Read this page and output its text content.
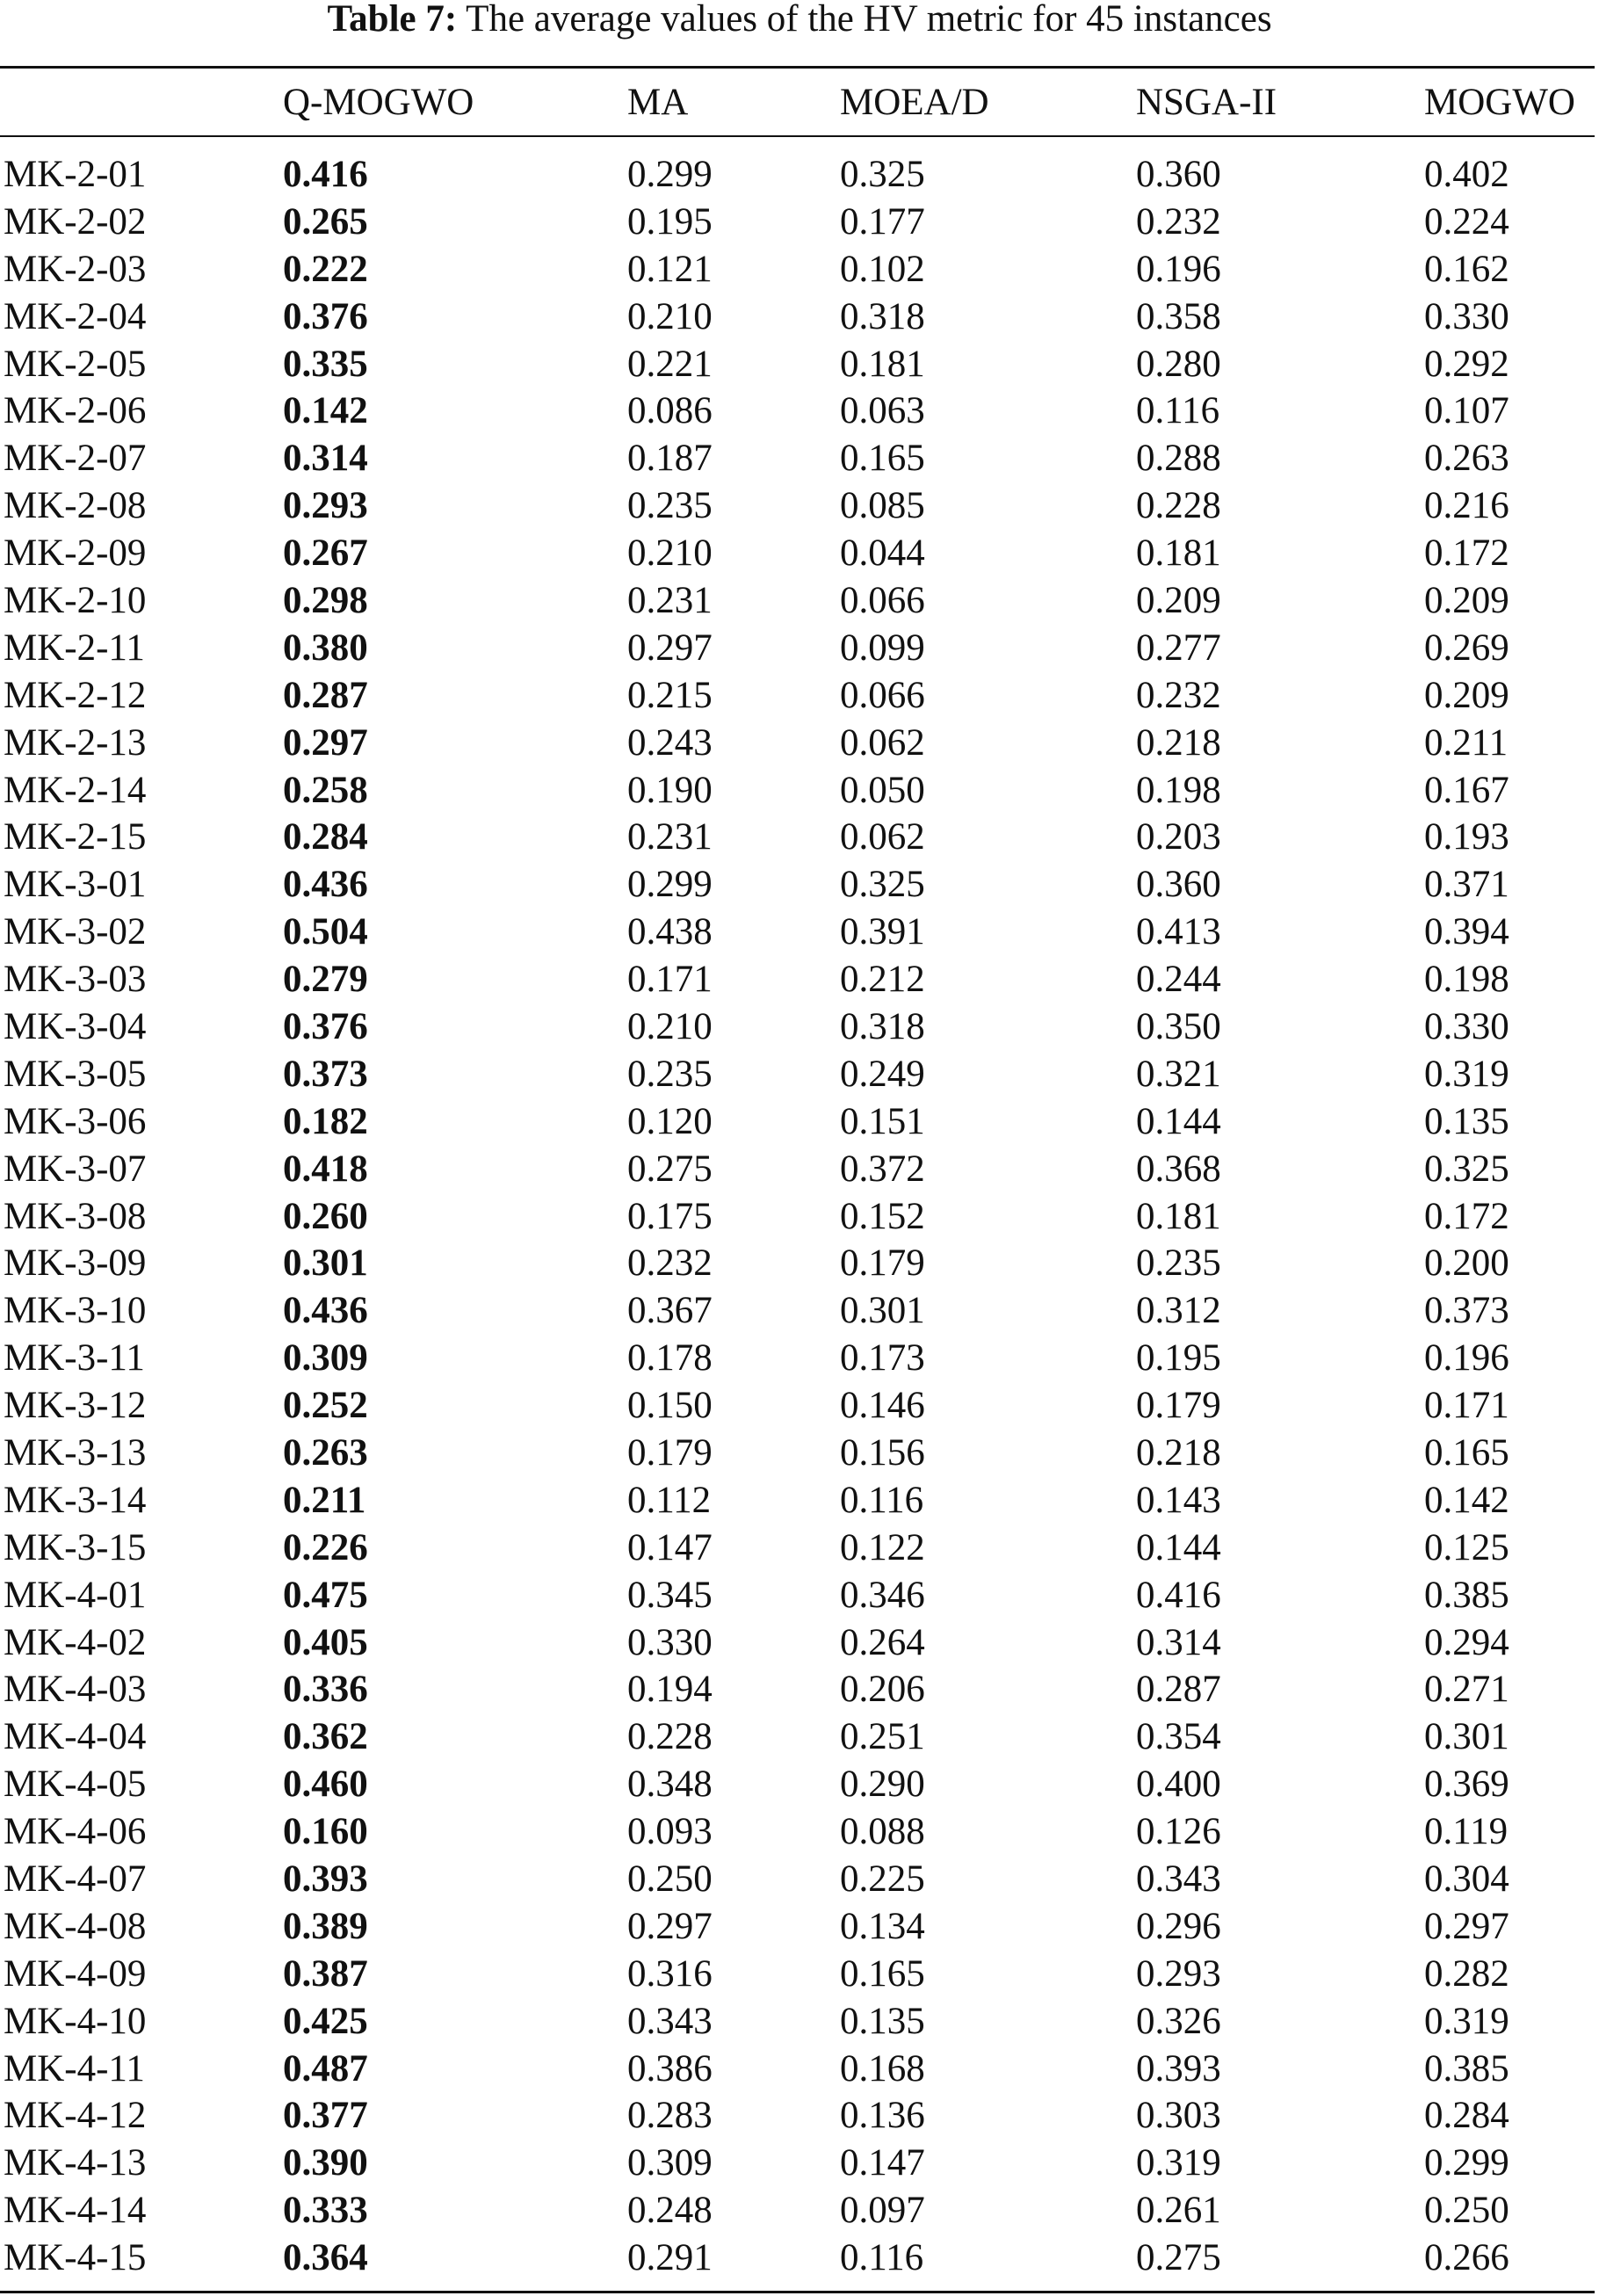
Table 7: The average values of the HV metric for 45 instances
	Q-MOGWO	MA	MOEA/D	NSGA-II	MOGWO
MK-2-01	0.416	0.299	0.325	0.360	0.402
MK-2-02	0.265	0.195	0.177	0.232	0.224
MK-2-03	0.222	0.121	0.102	0.196	0.162
MK-2-04	0.376	0.210	0.318	0.358	0.330
MK-2-05	0.335	0.221	0.181	0.280	0.292
MK-2-06	0.142	0.086	0.063	0.116	0.107
MK-2-07	0.314	0.187	0.165	0.288	0.263
MK-2-08	0.293	0.235	0.085	0.228	0.216
MK-2-09	0.267	0.210	0.044	0.181	0.172
MK-2-10	0.298	0.231	0.066	0.209	0.209
MK-2-11	0.380	0.297	0.099	0.277	0.269
MK-2-12	0.287	0.215	0.066	0.232	0.209
MK-2-13	0.297	0.243	0.062	0.218	0.211
MK-2-14	0.258	0.190	0.050	0.198	0.167
MK-2-15	0.284	0.231	0.062	0.203	0.193
MK-3-01	0.436	0.299	0.325	0.360	0.371
MK-3-02	0.504	0.438	0.391	0.413	0.394
MK-3-03	0.279	0.171	0.212	0.244	0.198
MK-3-04	0.376	0.210	0.318	0.350	0.330
MK-3-05	0.373	0.235	0.249	0.321	0.319
MK-3-06	0.182	0.120	0.151	0.144	0.135
MK-3-07	0.418	0.275	0.372	0.368	0.325
MK-3-08	0.260	0.175	0.152	0.181	0.172
MK-3-09	0.301	0.232	0.179	0.235	0.200
MK-3-10	0.436	0.367	0.301	0.312	0.373
MK-3-11	0.309	0.178	0.173	0.195	0.196
MK-3-12	0.252	0.150	0.146	0.179	0.171
MK-3-13	0.263	0.179	0.156	0.218	0.165
MK-3-14	0.211	0.112	0.116	0.143	0.142
MK-3-15	0.226	0.147	0.122	0.144	0.125
MK-4-01	0.475	0.345	0.346	0.416	0.385
MK-4-02	0.405	0.330	0.264	0.314	0.294
MK-4-03	0.336	0.194	0.206	0.287	0.271
MK-4-04	0.362	0.228	0.251	0.354	0.301
MK-4-05	0.460	0.348	0.290	0.400	0.369
MK-4-06	0.160	0.093	0.088	0.126	0.119
MK-4-07	0.393	0.250	0.225	0.343	0.304
MK-4-08	0.389	0.297	0.134	0.296	0.297
MK-4-09	0.387	0.316	0.165	0.293	0.282
MK-4-10	0.425	0.343	0.135	0.326	0.319
MK-4-11	0.487	0.386	0.168	0.393	0.385
MK-4-12	0.377	0.283	0.136	0.303	0.284
MK-4-13	0.390	0.309	0.147	0.319	0.299
MK-4-14	0.333	0.248	0.097	0.261	0.250
MK-4-15	0.364	0.291	0.116	0.275	0.266
